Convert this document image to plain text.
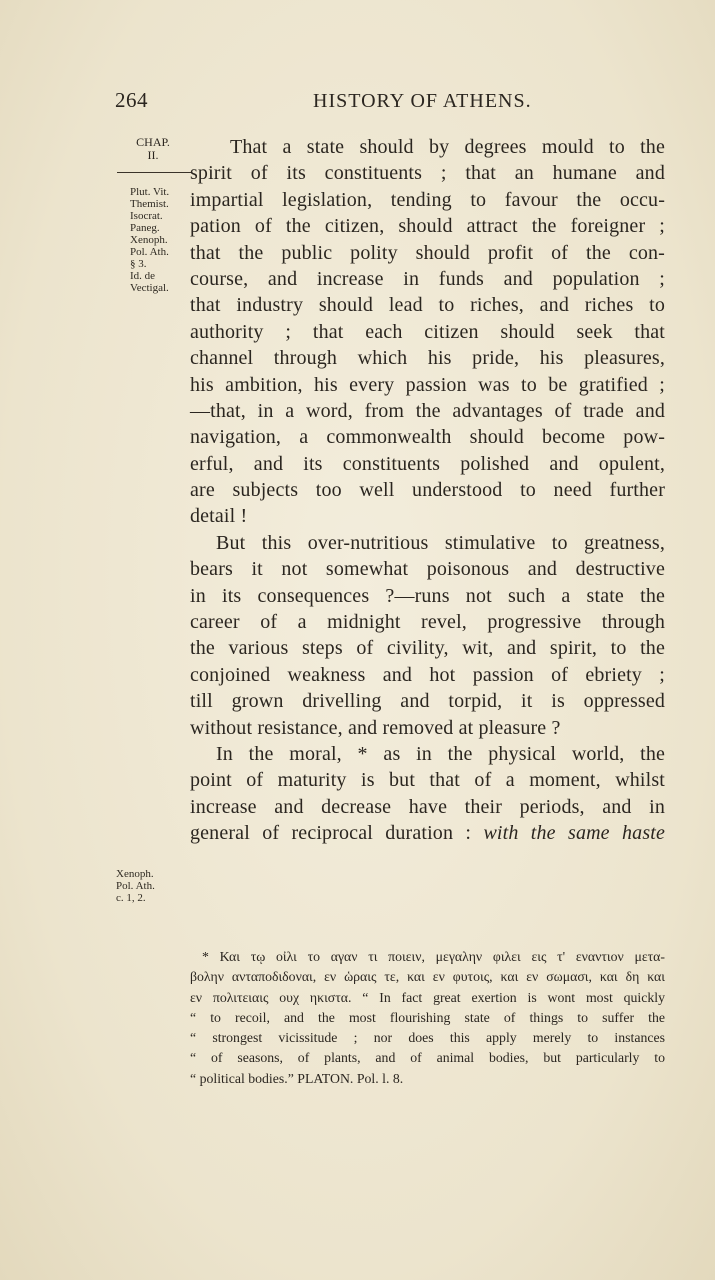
264	HISTORY OF ATHENS.
CHAP.
II.
Plut. Vit.
Themist.
Isocrat.
Paneg.
Xenoph.
Pol. Ath.
§ 3.
Id. de
Vectigal.
Xenoph.
Pol. Ath.
c. 1, 2.
That a state should by degrees mould to the
spirit of its constituents ; that an humane and
impartial legislation, tending to favour the occu-
pation of the citizen, should attract the foreigner ;
that the public polity should profit of the con-
course, and increase in funds and population ;
that industry should lead to riches, and riches to
authority ; that each citizen should seek that
channel through which his pride, his pleasures,
his ambition, his every passion was to be gratified ;
—that, in a word, from the advantages of trade and
navigation, a commonwealth should become pow-
erful, and its constituents polished and opulent,
are subjects too well understood to need further
detail !
But this over-nutritious stimulative to greatness,
bears it not somewhat poisonous and destructive
in its consequences ?—runs not such a state the
career of a midnight revel, progressive through
the various steps of civility, wit, and spirit, to the
conjoined weakness and hot passion of ebriety ;
till grown drivelling and torpid, it is oppressed
without resistance, and removed at pleasure ?
In the moral, * as in the physical world, the
point of maturity is but that of a moment, whilst
increase and decrease have their periods, and in
general of reciprocal duration : with the same haste
* Και τῳ οἰλι το αγαν τι ποιειν, μεγαλην φιλει εις τ' εναντιον μετα-
βολην ανταποδιδοναι, εν ὡραις τε, και εν φυτοις, και εν σωμασι, και δη και
εν πολιτειαις ουχ ηκιστα. “ In fact great exertion is wont most quickly
“ to recoil, and the most flourishing state of things to suffer the
“ strongest vicissitude ; nor does this apply merely to instances
“ of seasons, of plants, and of animal bodies, but particularly to
“ political bodies.” PLATON. Pol. l. 8.
